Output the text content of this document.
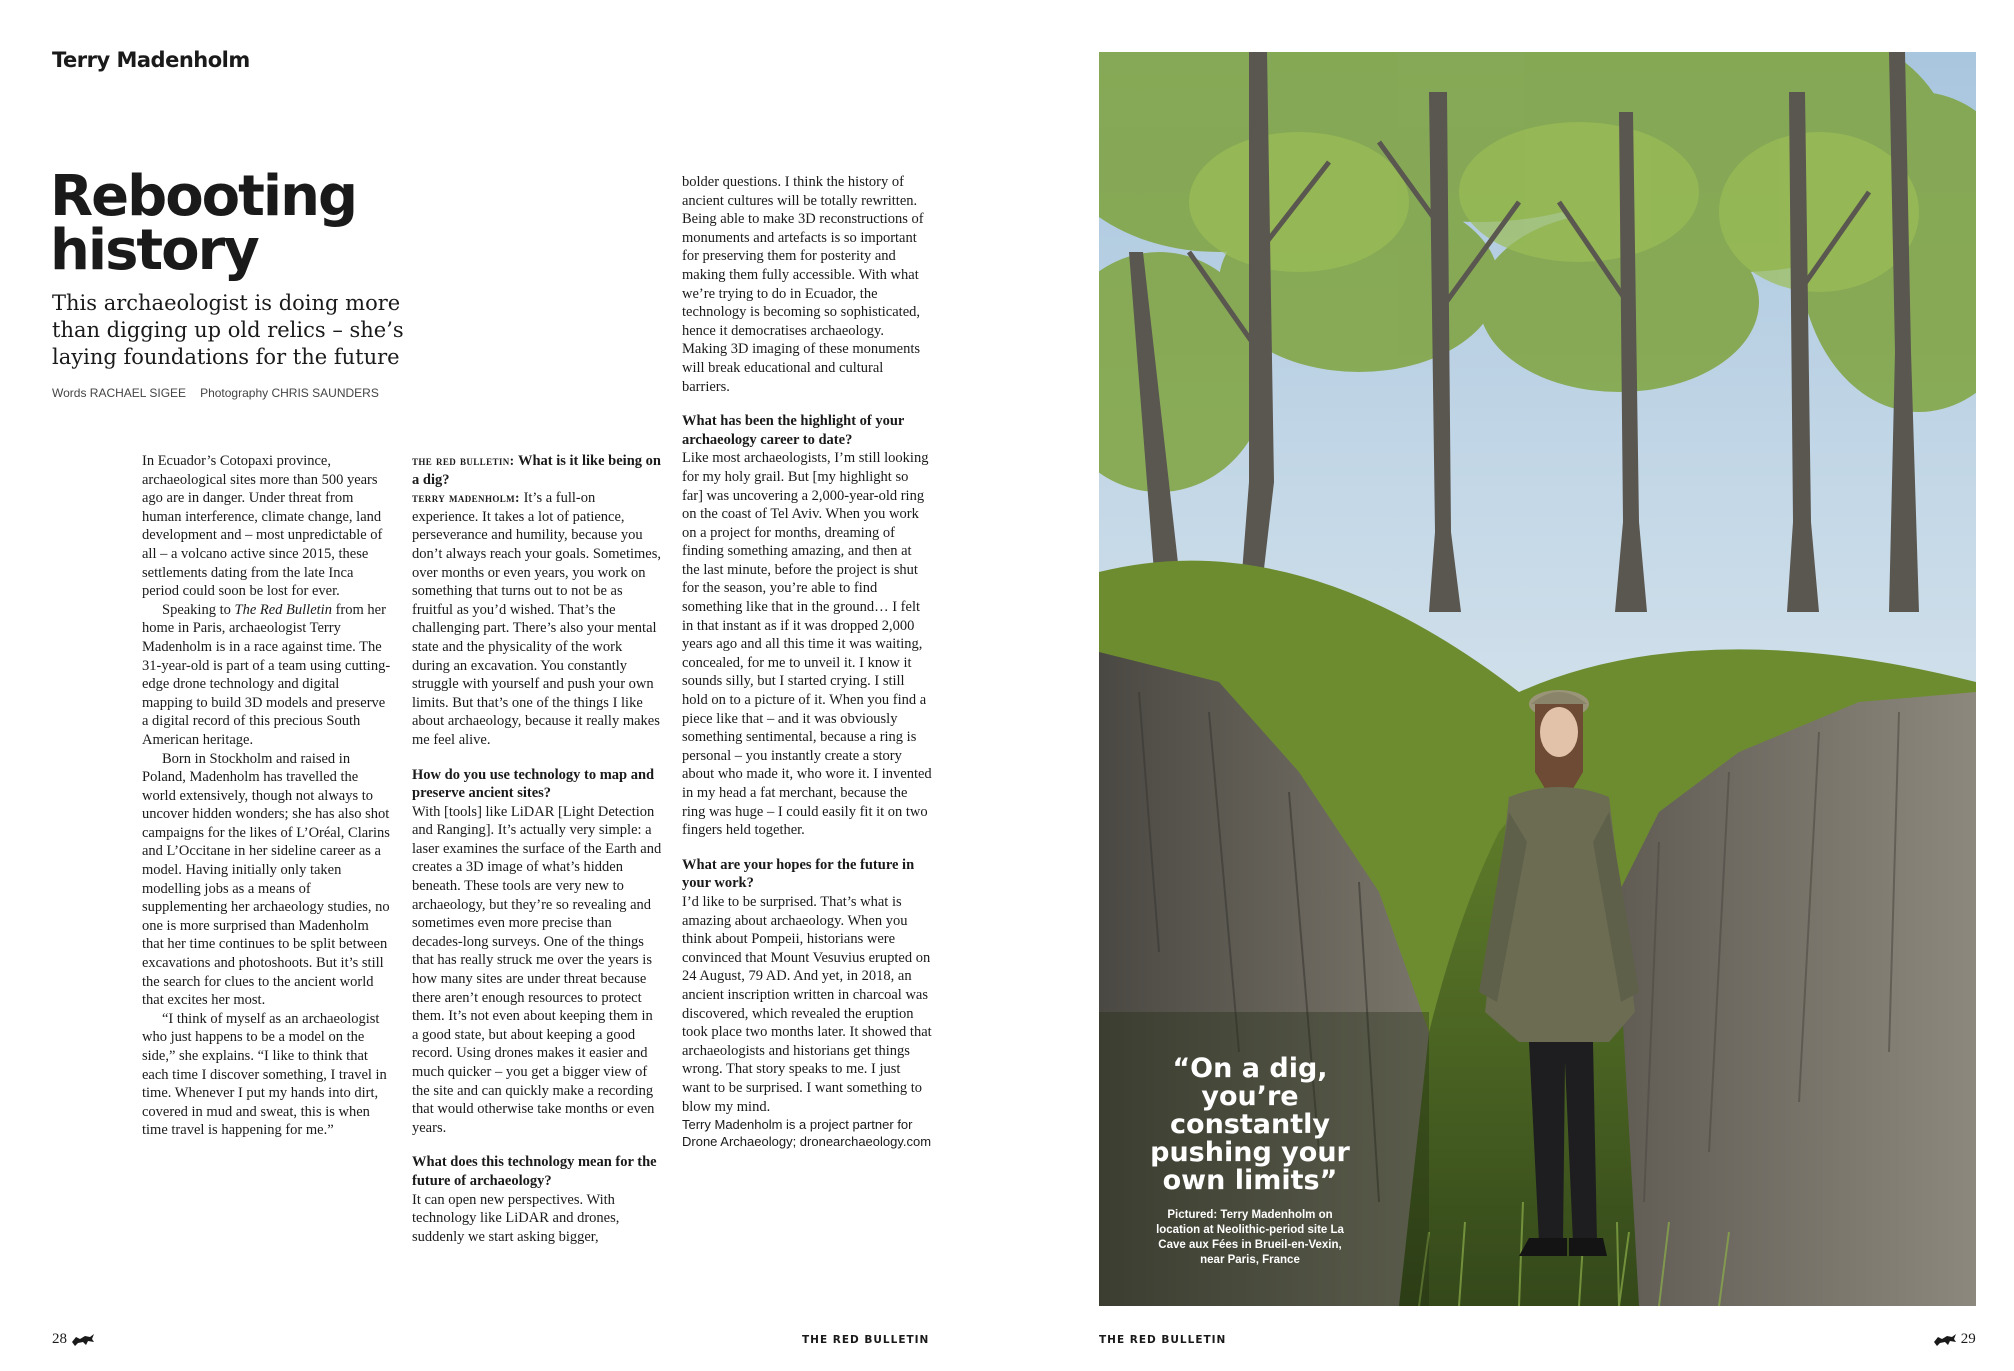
Terry Madenholm
Rebooting
history
This archaeologist is doing more than digging up old relics – she’s laying foundations for the future
Words RACHAEL SIGEE Photography CHRIS SAUNDERS

In Ecuador’s Cotopaxi province, archaeological sites more than 500 years ago are in danger. Under threat from human interference, climate change, land development and – most unpredictable of all – a volcano active since 2015, these settlements dating from the late Inca period could soon be lost for ever.

Speaking to The Red Bulletin from her home in Paris, archaeologist Terry Madenholm is in a race against time. The 31-year-old is part of a team using cutting-edge drone technology and digital mapping to build 3D models and preserve a digital record of this precious South American heritage.

Born in Stockholm and raised in Poland, Madenholm has travelled the world extensively, though not always to uncover hidden wonders; she has also shot campaigns for the likes of L’Oréal, Clarins and L’Occitane in her sideline career as a model. Having initially only taken modelling jobs as a means of supplementing her archaeology studies, no one is more surprised than Madenholm that her time continues to be split between excavations and photoshoots. But it’s still the search for clues to the ancient world that excites her most.

“I think of myself as an archaeologist who just happens to be a model on the side,” she explains. “I like to think that each time I discover something, I travel in time. Whenever I put my hands into dirt, covered in mud and sweat, this is when time travel is happening for me.”

the red bulletin: What is it like being on a dig?

terry madenholm: It’s a full-on experience. It takes a lot of patience, perseverance and humility, because you don’t always reach your goals. Sometimes, over months or even years, you work on something that turns out to not be as fruitful as you’d wished. That’s the challenging part. There’s also your mental state and the physicality of the work during an excavation. You constantly struggle with yourself and push your own limits. But that’s one of the things I like about archaeology, because it really makes me feel alive.

How do you use technology to map and preserve ancient sites?

With [tools] like LiDAR [Light Detection and Ranging]. It’s actually very simple: a laser examines the surface of the Earth and creates a 3D image of what’s hidden beneath. These tools are very new to archaeology, but they’re so revealing and sometimes even more precise than decades-long surveys. One of the things that has really struck me over the years is how many sites are under threat because there aren’t enough resources to protect them. It’s not even about keeping them in a good state, but about keeping a good record. Using drones makes it easier and much quicker – you get a bigger view of the site and can quickly make a recording that would otherwise take months or even years.

What does this technology mean for the future of archaeology?

It can open new perspectives. With technology like LiDAR and drones, suddenly we start asking bigger,

bolder questions. I think the history of ancient cultures will be totally rewritten. Being able to make 3D reconstructions of monuments and artefacts is so important for preserving them for posterity and making them fully accessible. With what we’re trying to do in Ecuador, the technology is becoming so sophisticated, hence it democratises archaeology. Making 3D imaging of these monuments will break educational and cultural barriers.

What has been the highlight of your archaeology career to date?

Like most archaeologists, I’m still looking for my holy grail. But [my highlight so far] was uncovering a 2,000-year-old ring on the coast of Tel Aviv. When you work on a project for months, dreaming of finding something amazing, and then at the last minute, before the project is shut for the season, you’re able to find something like that in the ground… I felt in that instant as if it was dropped 2,000 years ago and all this time it was waiting, concealed, for me to unveil it. I know it sounds silly, but I started crying. I still hold on to a picture of it. When you find a piece like that – and it was obviously something sentimental, because a ring is personal – you instantly create a story about who made it, who wore it. I invented in my head a fat merchant, because the ring was huge – I could easily fit it on two fingers held together.

What are your hopes for the future in your work?

I’d like to be surprised. That’s what is amazing about archaeology. When you think about Pompeii, historians were convinced that Mount Vesuvius erupted on 24 August, 79 AD. And yet, in 2018, an ancient inscription written in charcoal was discovered, which revealed the eruption took place two months later. It showed that archaeologists and historians get things wrong. That story speaks to me. I just want to be surprised. I want something to blow my mind.

Terry Madenholm is a project partner for Drone Archaeology; dronearchaeology.com

28	THE RED BULLETIN	THE RED BULLETIN	29
“On a dig, you’re constantly pushing your own limits”
Pictured: Terry Madenholm on location at Neolithic-period site La Cave aux Fées in Brueil-en-Vexin, near Paris, France
